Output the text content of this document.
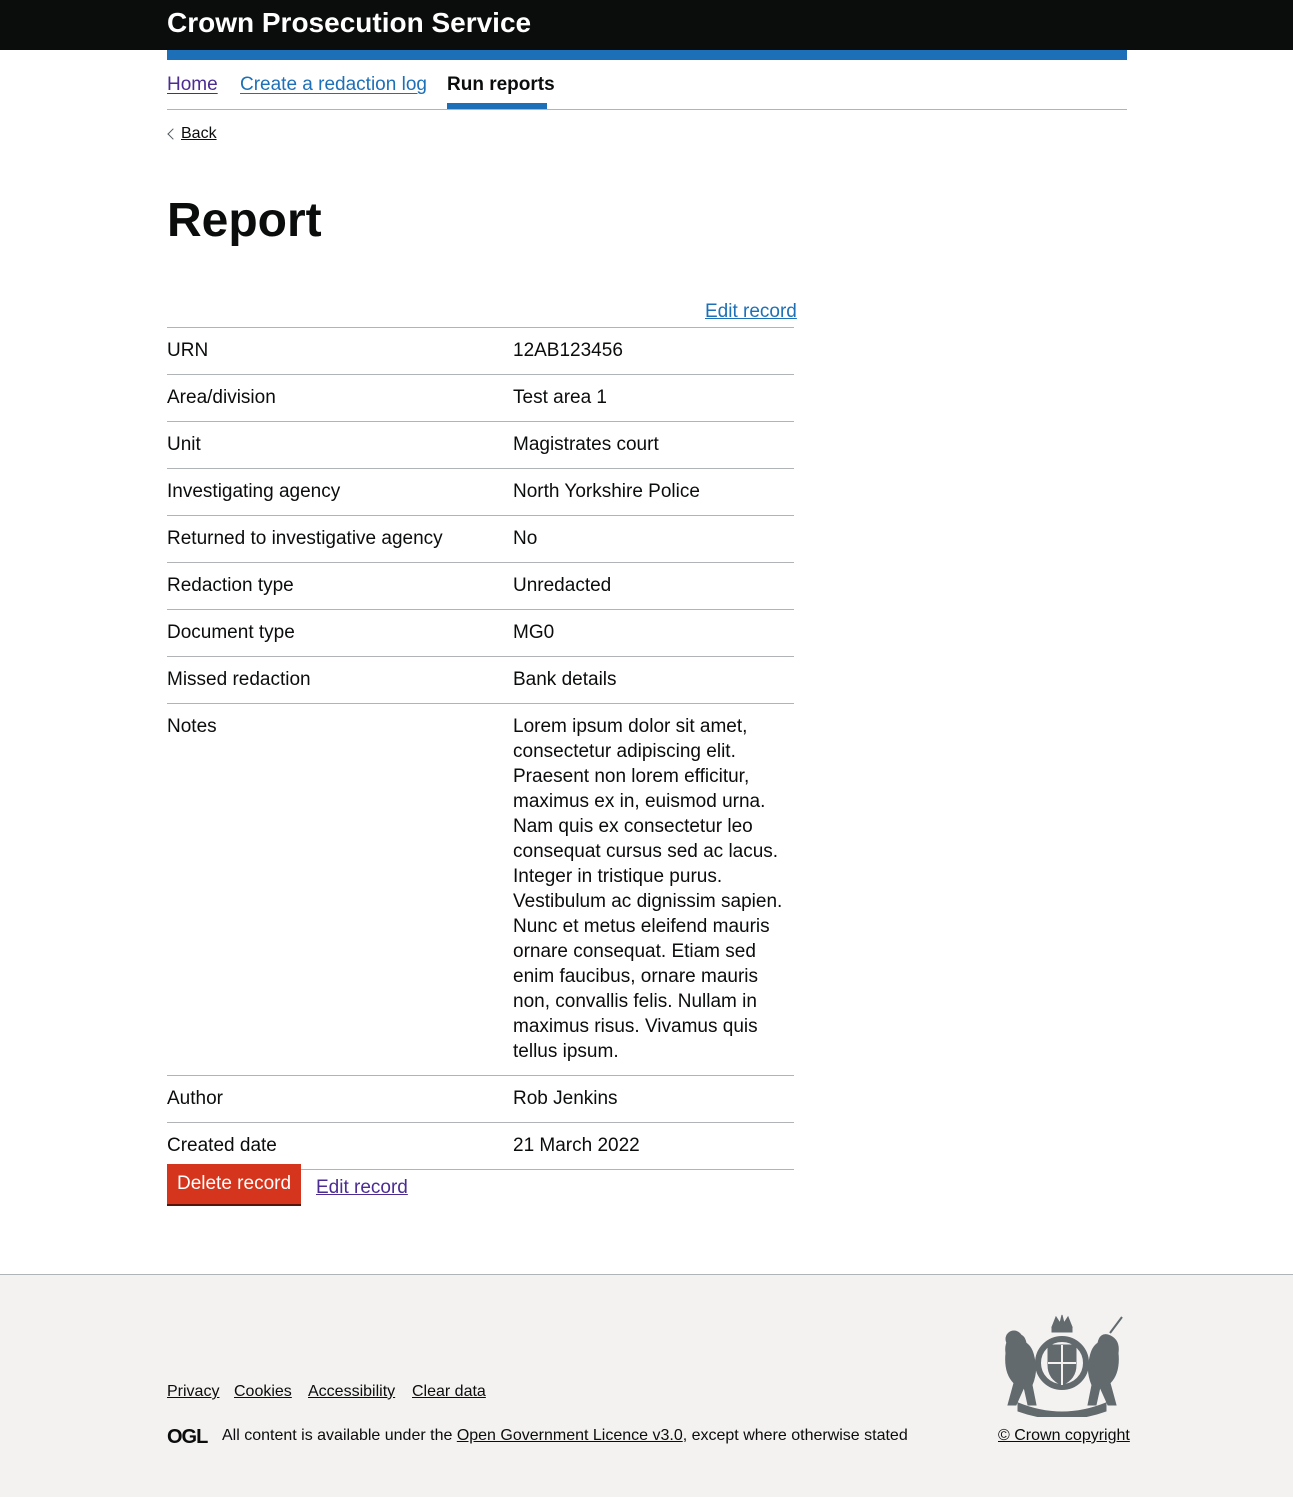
Crown Prosecution Service
Home Create a redaction log Run reports
Back
Report
Edit record
URN	12AB123456
Area/division	Test area 1
Unit	Magistrates court
Investigating agency	North Yorkshire Police
Returned to investigative agency	No
Redaction type	Unredacted
Document type	MG0
Missed redaction	Bank details
Notes	Lorem ipsum dolor sit amet, consectetur adipiscing elit. Praesent non lorem efficitur, maximus ex in, euismod urna. Nam quis ex consectetur leo consequat cursus sed ac lacus. Integer in tristique purus. Vestibulum ac dignissim sapien. Nunc et metus eleifend mauris ornare consequat. Etiam sed enim faucibus, ornare mauris non, convallis felis. Nullam in maximus risus. Vivamus quis tellus ipsum.
Author	Rob Jenkins
Created date	21 March 2022
Delete record	Edit record
Privacy Cookies Accessibility Clear data
OGL All content is available under the Open Government Licence v3.0, except where otherwise stated	© Crown copyright
